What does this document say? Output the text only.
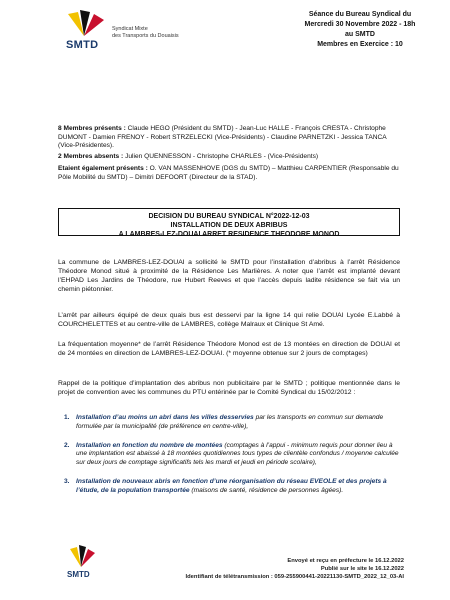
SMTD
Syndicat Mixte
des Transports du Douaisis
Séance du Bureau Syndical du
Mercredi 30 Novembre 2022 - 18h
au SMTD
Membres en Exercice : 10
8 Membres présents : Claude HEGO (Président du SMTD) - Jean-Luc HALLE - François CRESTA - Christophe DUMONT - Damien FRENOY - Robert STRZELECKI (Vice-Présidents) - Claudine PARNETZKI - Jessica TANCA (Vice-Présidentes).
2 Membres absents : Julien QUENNESSON - Christophe CHARLES - (Vice-Présidents)
Etaient également présents : O. VAN MASSENHOVE (DGS du SMTD) – Matthieu CARPENTIER (Responsable du Pôle Mobilité du SMTD) – Dimitri DEFOORT (Directeur de la STAD).
DECISION DU BUREAU SYNDICAL N°2022-12-03
INSTALLATION DE DEUX ABRIBUS
A LAMBRES-LEZ-DOUAI ARRET RESIDENCE THEODORE MONOD
La commune de LAMBRES-LEZ-DOUAI a sollicité le SMTD pour l’installation d’abribus à l’arrêt Résidence Théodore Monod situé à proximité de la Résidence Les Marlières. A noter que l’arrêt est implanté devant l’EHPAD Les Jardins de Théodore, rue Hubert Reeves et que l’accès depuis ladite résidence se fait via un chemin piétonnier.
L’arrêt par ailleurs équipé de deux quais bus est desservi par la ligne 14 qui relie DOUAI Lycée E.Labbé à COURCHELETTES et au centre-ville de LAMBRES, collège Malraux et Clinique St Amé.
La fréquentation moyenne* de l’arrêt Résidence Théodore Monod est de 13 montées en direction de DOUAI et de 24 montées en direction de LAMBRES-LEZ-DOUAI. (* moyenne obtenue sur 2 jours de comptages)
Rappel de la politique d’implantation des abribus non publicitaire par le SMTD ; politique mentionnée dans le projet de convention avec les communes du PTU entérinée par le Comité Syndical du 15/02/2012 :
1. Installation d’au moins un abri dans les villes desservies par les transports en commun sur demande formulée par la municipalité (de préférence en centre-ville),
2. Installation en fonction du nombre de montées (comptages à l’appui - minimum requis pour donner lieu à une implantation est abaissé à 18 montées quotidiennes tous types de clientèle confondus / moyenne calculée sur deux jours de comptage significatifs tels les mardi et jeudi en période scolaire),
3. Installation de nouveaux abris en fonction d’une réorganisation du réseau EVEOLE et des projets à l’étude, de la population transportée (maisons de santé, résidence de personnes âgées).
SMTD
Envoyé et reçu en préfecture le 16.12.2022
Publié sur le site le 16.12.2022
Identifiant de télétransmission : 059-255900441-20221130-SMTD_2022_12_03-AI
